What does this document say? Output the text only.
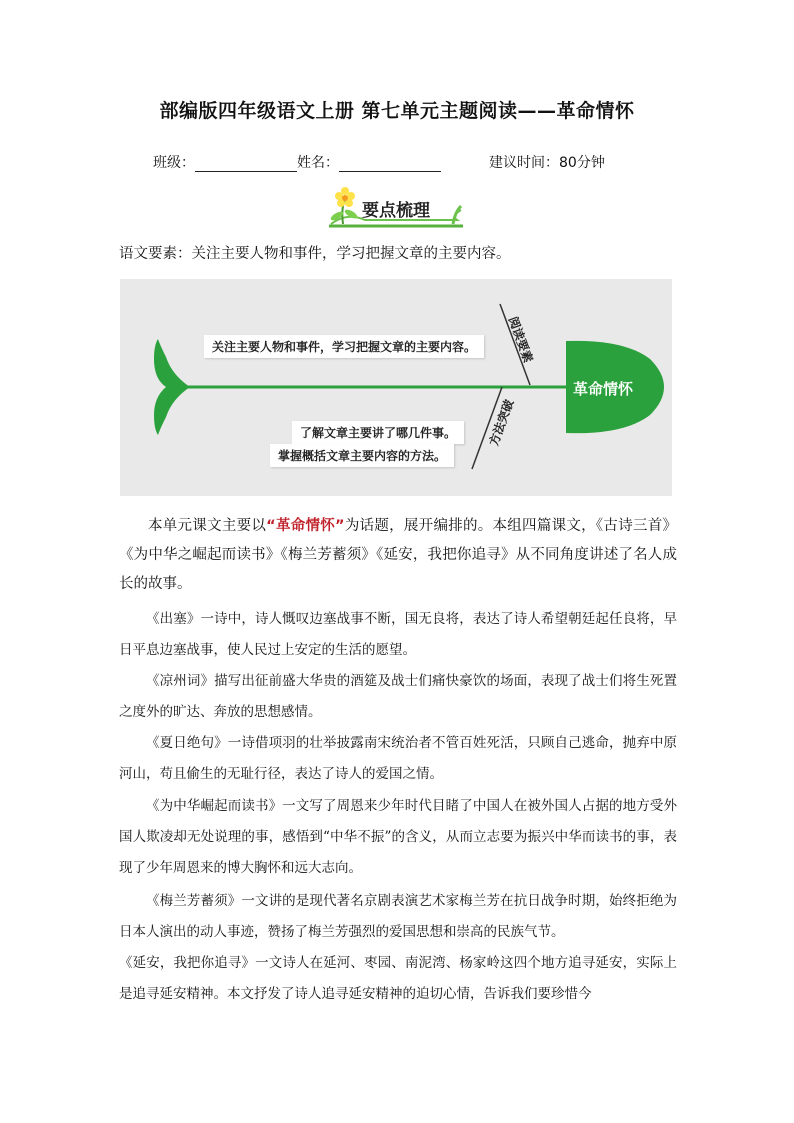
部编版四年级语文上册 第七单元主题阅读——革命情怀
班级：	姓名：	建议时间：80分钟
要点梳理
语文要素：关注主要人物和事件，学习把握文章的主要内容。
革命情怀
阅读要素
方法突破
关注主要人物和事件，学习把握文章的主要内容。
了解文章主要讲了哪几件事。
掌握概括文章主要内容的方法。
本单元课文主要以“革命情怀”为话题，展开编排的。本组四篇课文，《古诗三首》《为中华之崛起而读书》《梅兰芳蓄须》《延安，我把你追寻》从不同角度讲述了名人成长的故事。
《出塞》一诗中，诗人慨叹边塞战事不断，国无良将，表达了诗人希望朝廷起任良将，早日平息边塞战事，使人民过上安定的生活的愿望。
《凉州词》描写出征前盛大华贵的酒筵及战士们痛快豪饮的场面，表现了战士们将生死置之度外的旷达、奔放的思想感情。
《夏日绝句》一诗借项羽的壮举披露南宋统治者不管百姓死活，只顾自己逃命，抛弃中原河山，苟且偷生的无耻行径，表达了诗人的爱国之情。
《为中华崛起而读书》一文写了周恩来少年时代目睹了中国人在被外国人占据的地方受外国人欺凌却无处说理的事，感悟到“中华不振”的含义，从而立志要为振兴中华而读书的事，表现了少年周恩来的博大胸怀和远大志向。
《梅兰芳蓄须》一文讲的是现代著名京剧表演艺术家梅兰芳在抗日战争时期，始终拒绝为日本人演出的动人事迹，赞扬了梅兰芳强烈的爱国思想和崇高的民族气节。
《延安，我把你追寻》一文诗人在延河、枣园、南泥湾、杨家岭这四个地方追寻延安，实际上是追寻延安精神。本文抒发了诗人追寻延安精神的迫切心情，告诉我们要珍惜今
